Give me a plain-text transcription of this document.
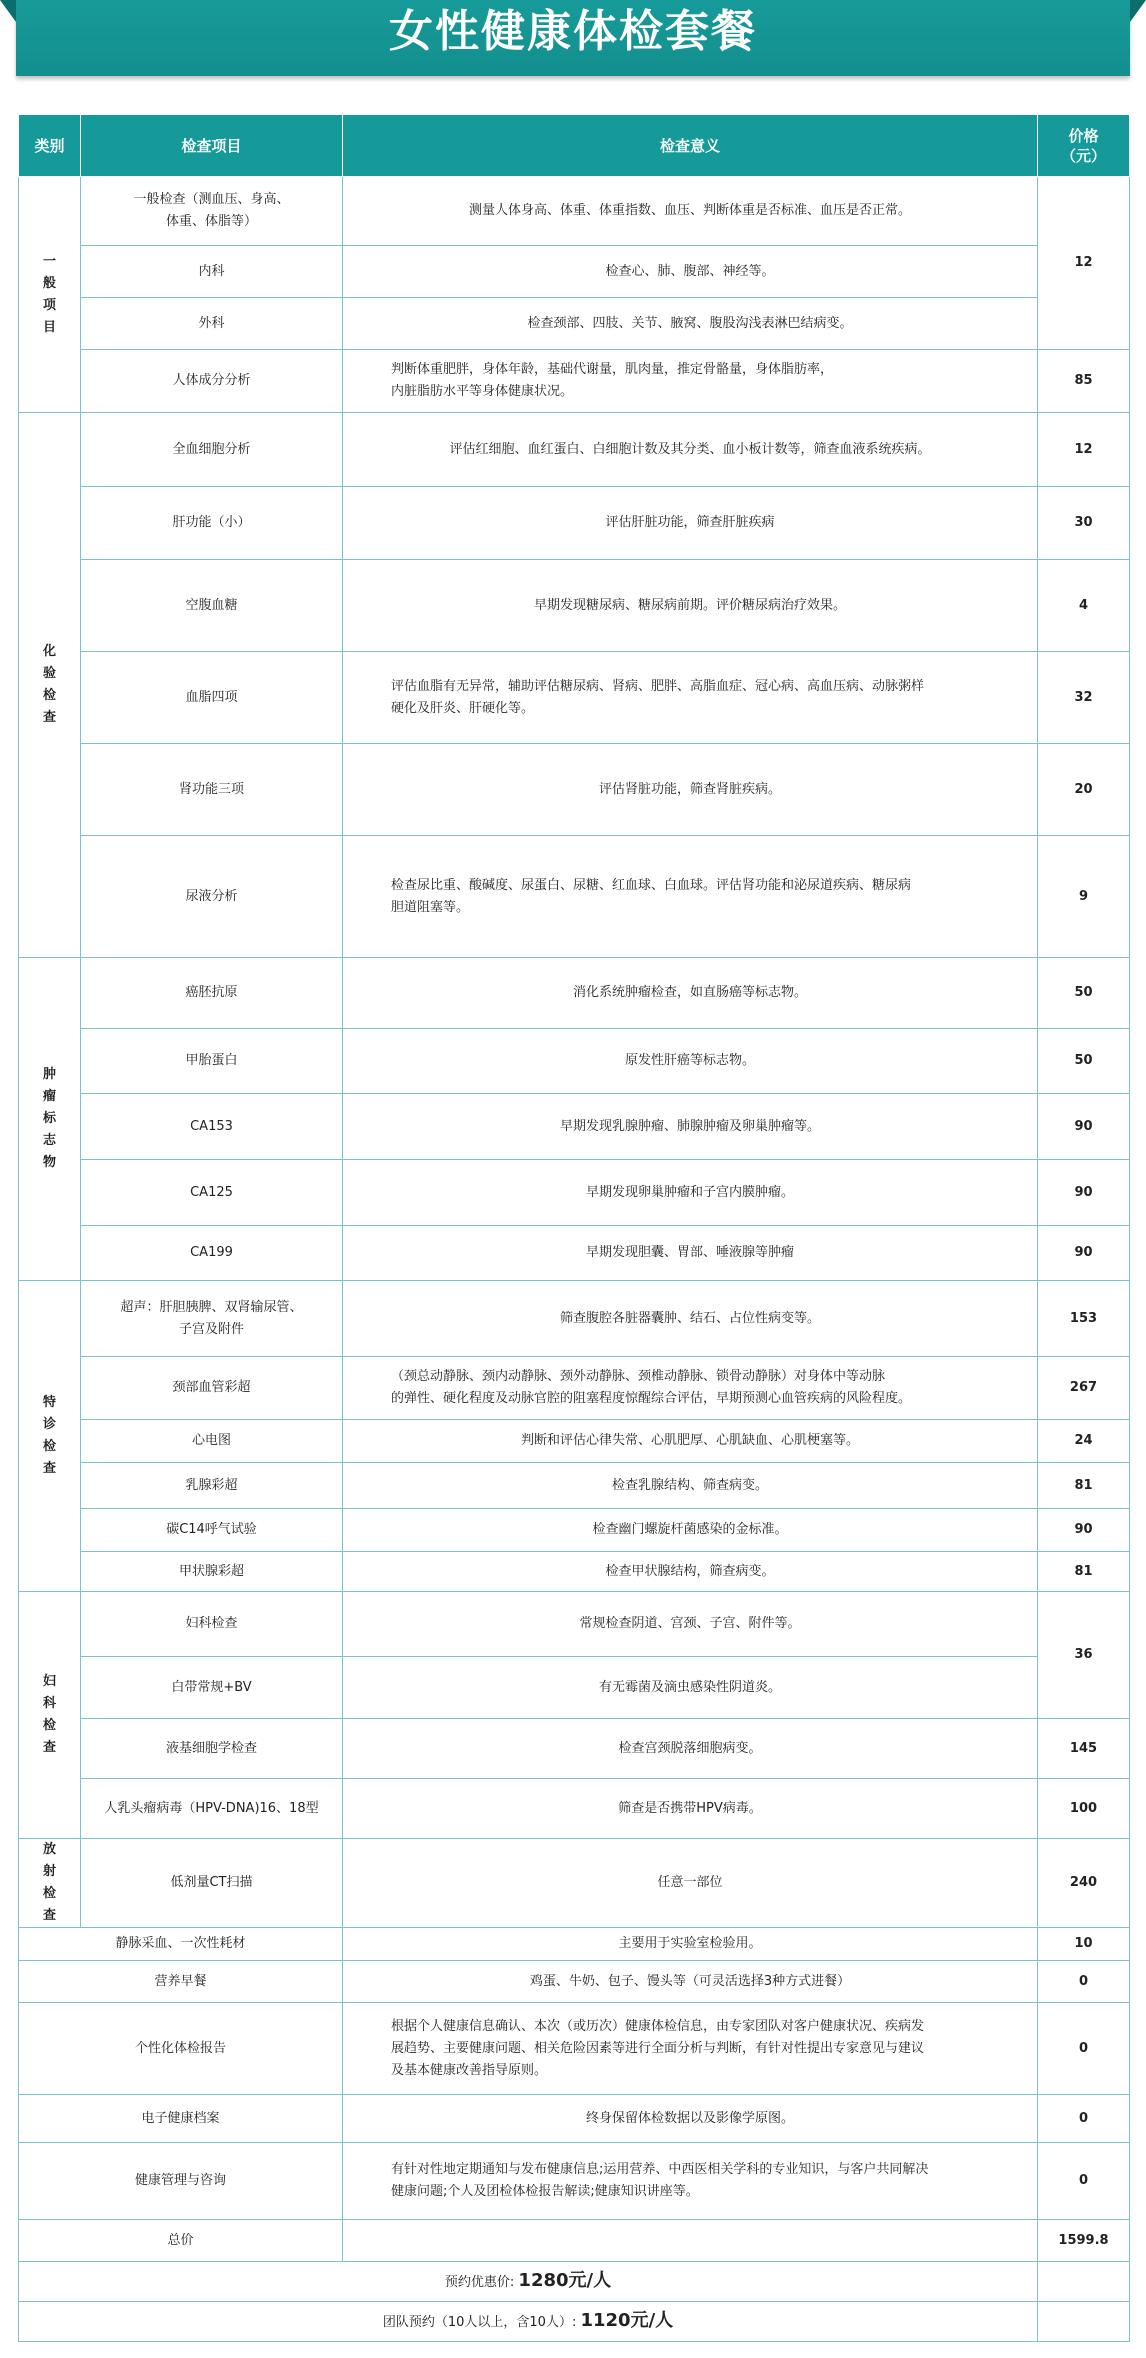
女性健康体检套餐
类别	检查项目	检查意义	价格
（元）
一般项目	一般检查（测血压、身高、
体重、体脂等）	测量人体身高、体重、体重指数、血压、判断体重是否标准、血压是否正常。	12
	内科	检查心、肺、腹部、神经等。	
	外科	检查颈部、四肢、关节、腋窝、腹股沟浅表淋巴结病变。	
	人体成分分析	判断体重肥胖，身体年龄，基础代谢量，肌肉量，推定骨骼量，身体脂肪率，
内脏脂肪水平等身体健康状况。	85
化验检查	全血细胞分析	评估红细胞、血红蛋白、白细胞计数及其分类、血小板计数等，筛查血液系统疾病。	12
	肝功能（小）	评估肝脏功能，筛查肝脏疾病	30
	空腹血糖	早期发现糖尿病、糖尿病前期。评价糖尿病治疗效果。	4
	血脂四项	评估血脂有无异常，辅助评估糖尿病、肾病、肥胖、高脂血症、冠心病、高血压病、动脉粥样
硬化及肝炎、肝硬化等。	32
	肾功能三项	评估肾脏功能，筛查肾脏疾病。	20
	尿液分析	检查尿比重、酸碱度、尿蛋白、尿糖、红血球、白血球。评估肾功能和泌尿道疾病、糖尿病
胆道阻塞等。	9
肿瘤标志物	癌胚抗原	消化系统肿瘤检查，如直肠癌等标志物。	50
	甲胎蛋白	原发性肝癌等标志物。	50
	CA153	早期发现乳腺肿瘤、肺腺肿瘤及卵巢肿瘤等。	90
	CA125	早期发现卵巢肿瘤和子宫内膜肿瘤。	90
	CA199	早期发现胆囊、胃部、唾液腺等肿瘤	90
特诊检查	超声：肝胆胰脾、双肾输尿管、
子宫及附件	筛查腹腔各脏器囊肿、结石、占位性病变等。	153
	颈部血管彩超	（颈总动静脉、颈内动静脉、颈外动静脉、颈椎动静脉、锁骨动静脉）对身体中等动脉
的弹性、硬化程度及动脉官腔的阻塞程度惊醒综合评估，早期预测心血管疾病的风险程度。	267
	心电图	判断和评估心律失常、心肌肥厚、心肌缺血、心肌梗塞等。	24
	乳腺彩超	检查乳腺结构、筛查病变。	81
	碳C14呼气试验	检查幽门螺旋杆菌感染的金标准。	90
	甲状腺彩超	检查甲状腺结构，筛查病变。	81
妇科检查	妇科检查	常规检查阴道、宫颈、子宫、附件等。	36
	白带常规+BV	有无霉菌及滴虫感染性阴道炎。	
	液基细胞学检查	检查宫颈脱落细胞病变。	145
	人乳头瘤病毒（HPV-DNA)16、18型	筛查是否携带HPV病毒。	100
放射检查	低剂量CT扫描	任意一部位	240
静脉采血、一次性耗材		主要用于实验室检验用。	10
营养早餐		鸡蛋、牛奶、包子、馒头等（可灵活选择3种方式进餐）	0
个性化体检报告		根据个人健康信息确认、本次（或历次）健康体检信息，由专家团队对客户健康状况、疾病发
展趋势、主要健康问题、相关危险因素等进行全面分析与判断，有针对性提出专家意见与建议
及基本健康改善指导原则。	0
电子健康档案		终身保留体检数据以及影像学原图。	0
健康管理与咨询		有针对性地定期通知与发布健康信息;运用营养、中西医相关学科的专业知识，与客户共同解决
健康问题;个人及团检体检报告解读;健康知识讲座等。	0
总价			1599.8
预约优惠价: 1280元/人			
团队预约（10人以上，含10人）: 1120元/人			
